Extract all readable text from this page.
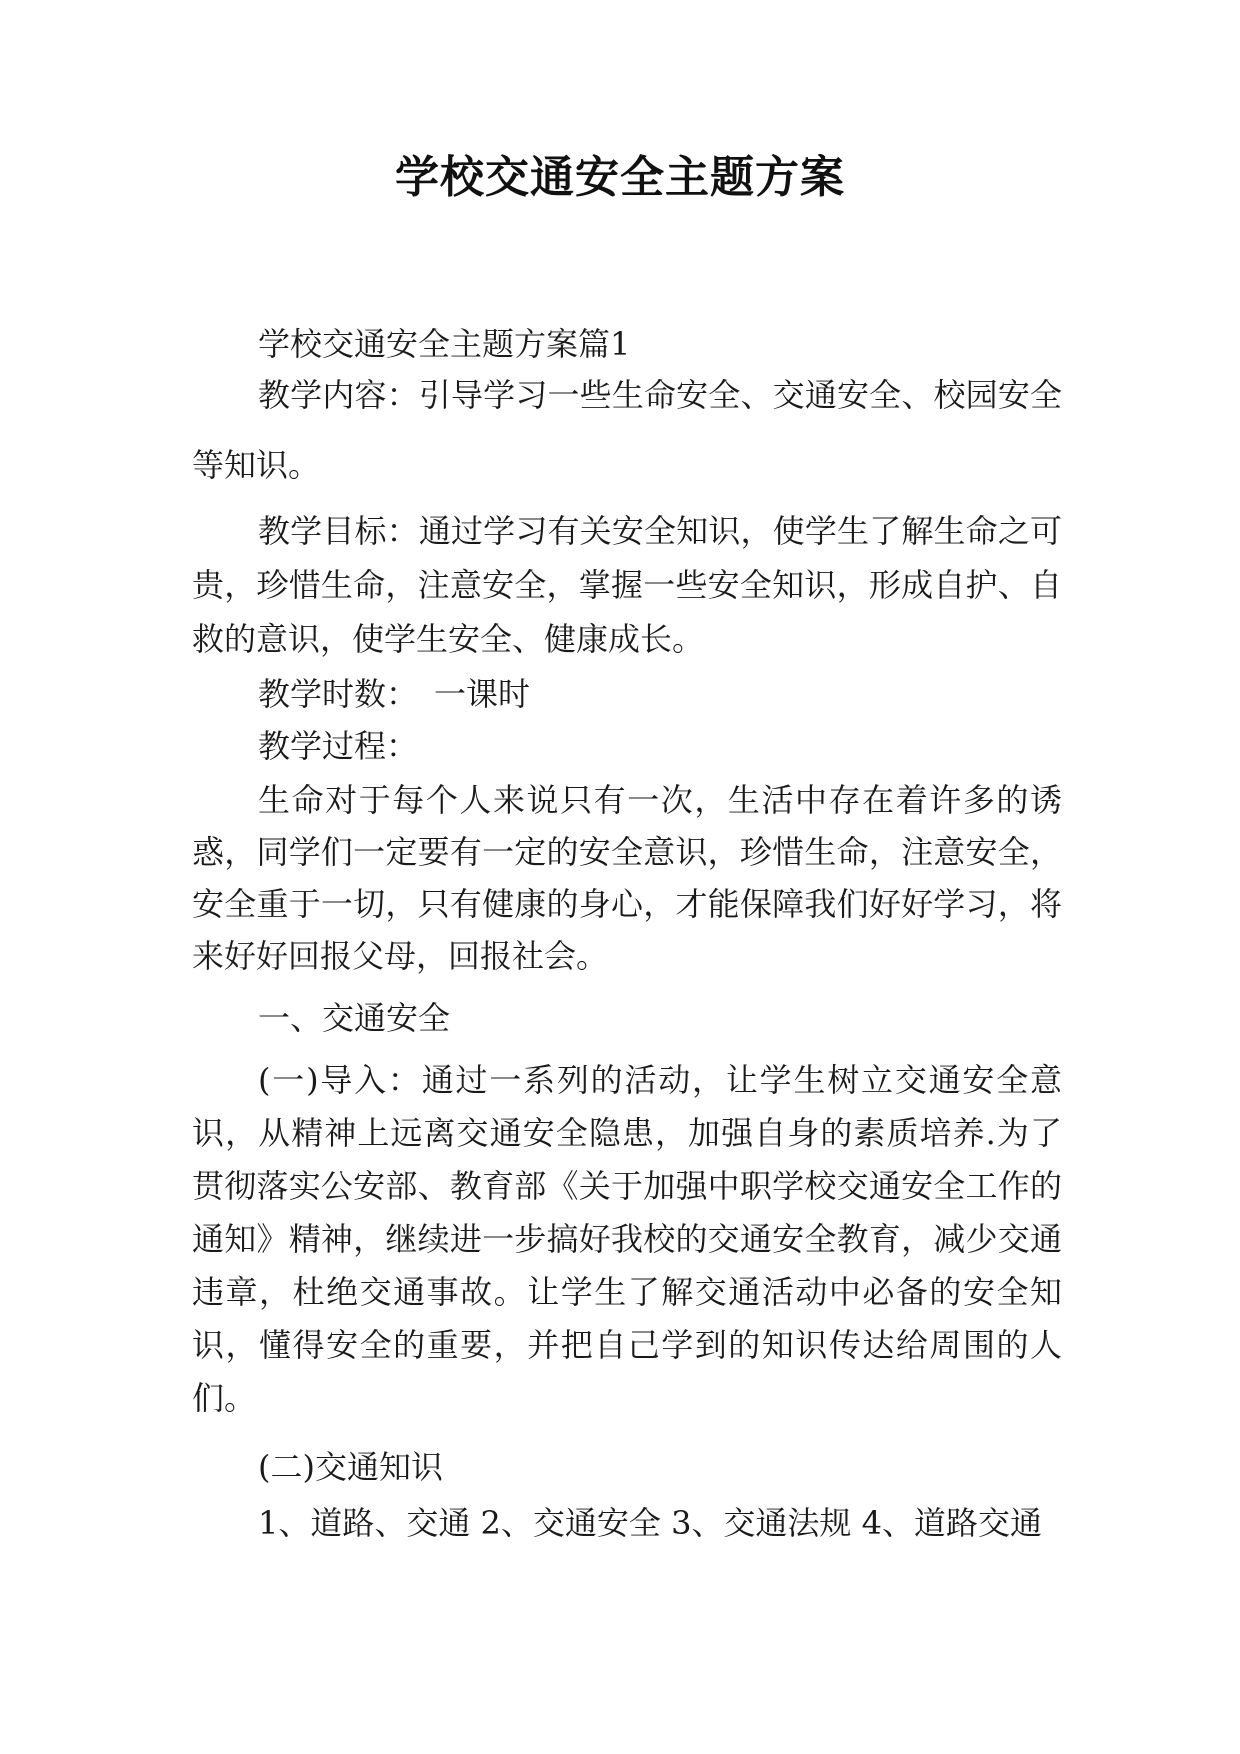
学校交通安全主题方案

学校交通安全主题方案篇1

教学内容：引导学习一些生命安全、交通安全、校园安全等知识。

教学目标：通过学习有关安全知识，使学生了解生命之可贵，珍惜生命，注意安全，掌握一些安全知识，形成自护、自救的意识，使学生安全、健康成长。

教学时数：　一课时

教学过程：

生命对于每个人来说只有一次，生活中存在着许多的诱惑，同学们一定要有一定的安全意识，珍惜生命，注意安全，安全重于一切，只有健康的身心，才能保障我们好好学习，将来好好回报父母，回报社会。

一、交通安全

(一)导入：通过一系列的活动，让学生树立交通安全意识，从精神上远离交通安全隐患，加强自身的素质培养.为了贯彻落实公安部、教育部《关于加强中职学校交通安全工作的通知》精神，继续进一步搞好我校的交通安全教育，减少交通违章，杜绝交通事故。让学生了解交通活动中必备的安全知识，懂得安全的重要，并把自己学到的知识传达给周围的人们。

(二)交通知识

1、道路、交通 2、交通安全 3、交通法规 4、道路交通
